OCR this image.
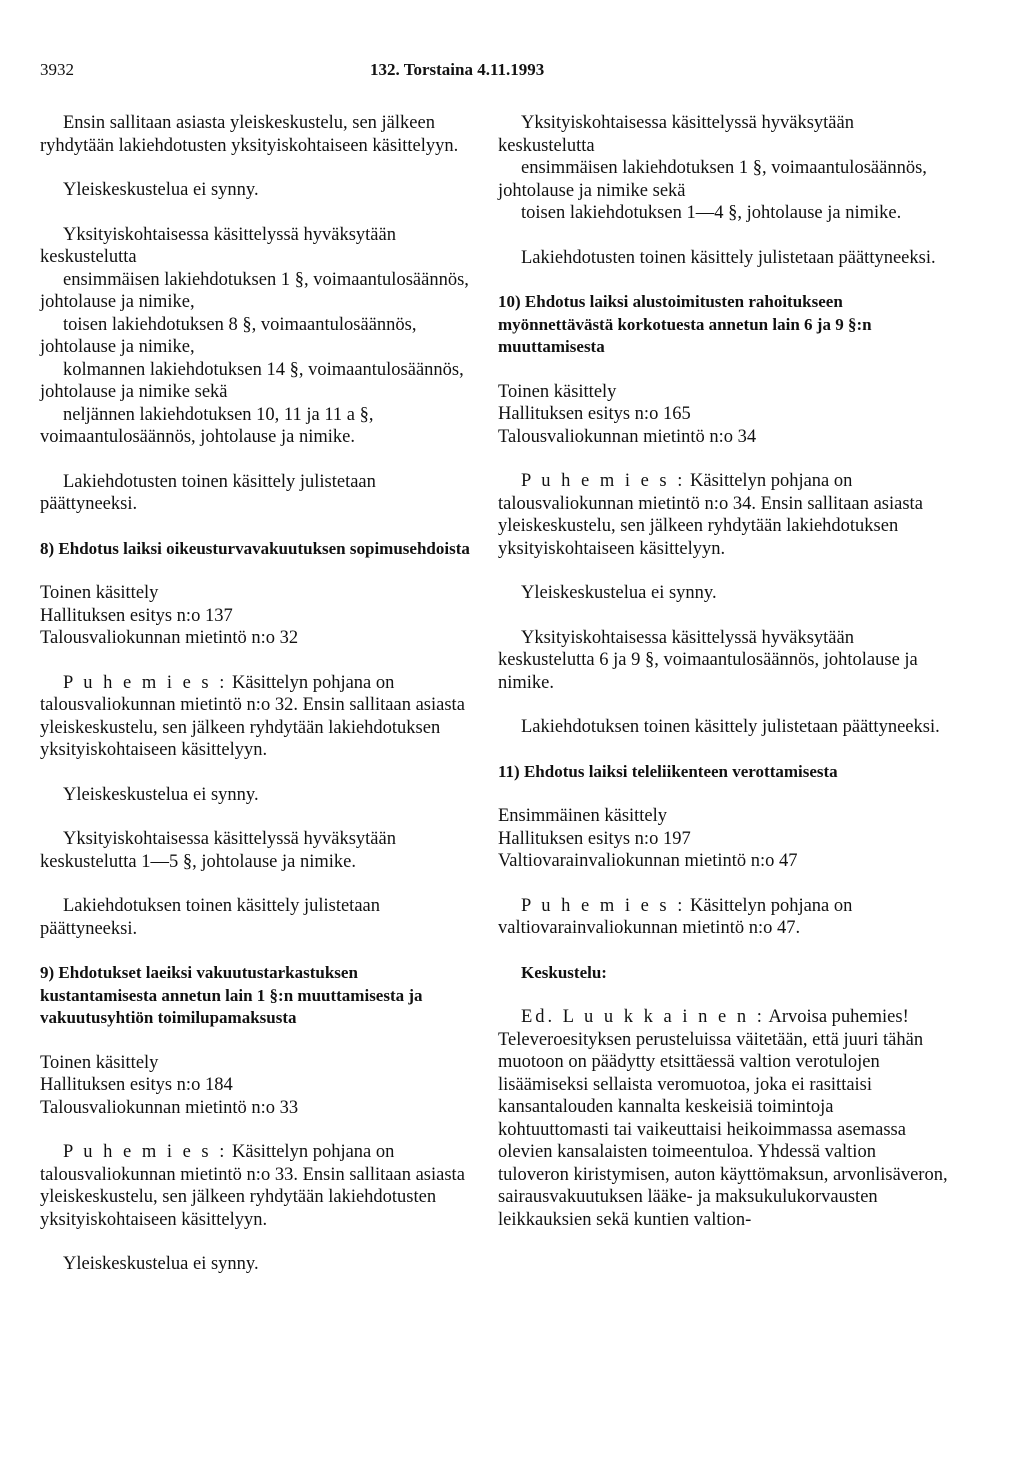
3932	132. Torstaina 4.11.1993

Ensin sallitaan asiasta yleiskeskustelu, sen jälkeen ryhdytään lakiehdotusten yksityiskohtaiseen käsittelyyn.

Yleiskeskustelua ei synny.

Yksityiskohtaisessa käsittelyssä hyväksytään keskustelutta
ensimmäisen lakiehdotuksen 1 §, voimaantulosäännös, johtolause ja nimike,
toisen lakiehdotuksen 8 §, voimaantulosäännös, johtolause ja nimike,
kolmannen lakiehdotuksen 14 §, voimaantulosäännös, johtolause ja nimike sekä
neljännen lakiehdotuksen 10, 11 ja 11 a §, voimaantulosäännös, johtolause ja nimike.

Lakiehdotusten toinen käsittely julistetaan päättyneeksi.

8) Ehdotus laiksi oikeusturvavakuutuksen sopimusehdoista

Toinen käsittely
Hallituksen esitys n:o 137
Talousvaliokunnan mietintö n:o 32

P u h e m i e s : Käsittelyn pohjana on talousvaliokunnan mietintö n:o 32. Ensin sallitaan asiasta yleiskeskustelu, sen jälkeen ryhdytään lakiehdotuksen yksityiskohtaiseen käsittelyyn.

Yleiskeskustelua ei synny.

Yksityiskohtaisessa käsittelyssä hyväksytään keskustelutta 1—5 §, johtolause ja nimike.

Lakiehdotuksen toinen käsittely julistetaan päättyneeksi.

9) Ehdotukset laeiksi vakuutustarkastuksen kustantamisesta annetun lain 1 §:n muuttamisesta ja vakuutusyhtiön toimilupamaksusta

Toinen käsittely
Hallituksen esitys n:o 184
Talousvaliokunnan mietintö n:o 33

P u h e m i e s : Käsittelyn pohjana on talousvaliokunnan mietintö n:o 33. Ensin sallitaan asiasta yleiskeskustelu, sen jälkeen ryhdytään lakiehdotusten yksityiskohtaiseen käsittelyyn.

Yleiskeskustelua ei synny.

Yksityiskohtaisessa käsittelyssä hyväksytään keskustelutta
ensimmäisen lakiehdotuksen 1 §, voimaantulosäännös, johtolause ja nimike sekä
toisen lakiehdotuksen 1—4 §, johtolause ja nimike.

Lakiehdotusten toinen käsittely julistetaan päättyneeksi.

10) Ehdotus laiksi alustoimitusten rahoitukseen myönnettävästä korkotuesta annetun lain 6 ja 9 §:n muuttamisesta

Toinen käsittely
Hallituksen esitys n:o 165
Talousvaliokunnan mietintö n:o 34

P u h e m i e s : Käsittelyn pohjana on talousvaliokunnan mietintö n:o 34. Ensin sallitaan asiasta yleiskeskustelu, sen jälkeen ryhdytään lakiehdotuksen yksityiskohtaiseen käsittelyyn.

Yleiskeskustelua ei synny.

Yksityiskohtaisessa käsittelyssä hyväksytään keskustelutta 6 ja 9 §, voimaantulosäännös, johtolause ja nimike.

Lakiehdotuksen toinen käsittely julistetaan päättyneeksi.

11) Ehdotus laiksi teleliikenteen verottamisesta

Ensimmäinen käsittely
Hallituksen esitys n:o 197
Valtiovarainvaliokunnan mietintö n:o 47

P u h e m i e s : Käsittelyn pohjana on valtiovarainvaliokunnan mietintö n:o 47.

Keskustelu:

Ed. L u u k k a i n e n : Arvoisa puhemies! Televeroesityksen perusteluissa väitetään, että juuri tähän muotoon on päädytty etsittäessä valtion verotulojen lisäämiseksi sellaista veromuotoa, joka ei rasittaisi kansantalouden kannalta keskeisiä toimintoja kohtuuttomasti tai vaikeuttaisi heikoimmassa asemassa olevien kansalaisten toimeentuloa. Yhdessä valtion tuloveron kiristymisen, auton käyttömaksun, arvonlisäveron, sairausvakuutuksen lääke- ja maksukulukorvausten leikkauksien sekä kuntien valtion-
